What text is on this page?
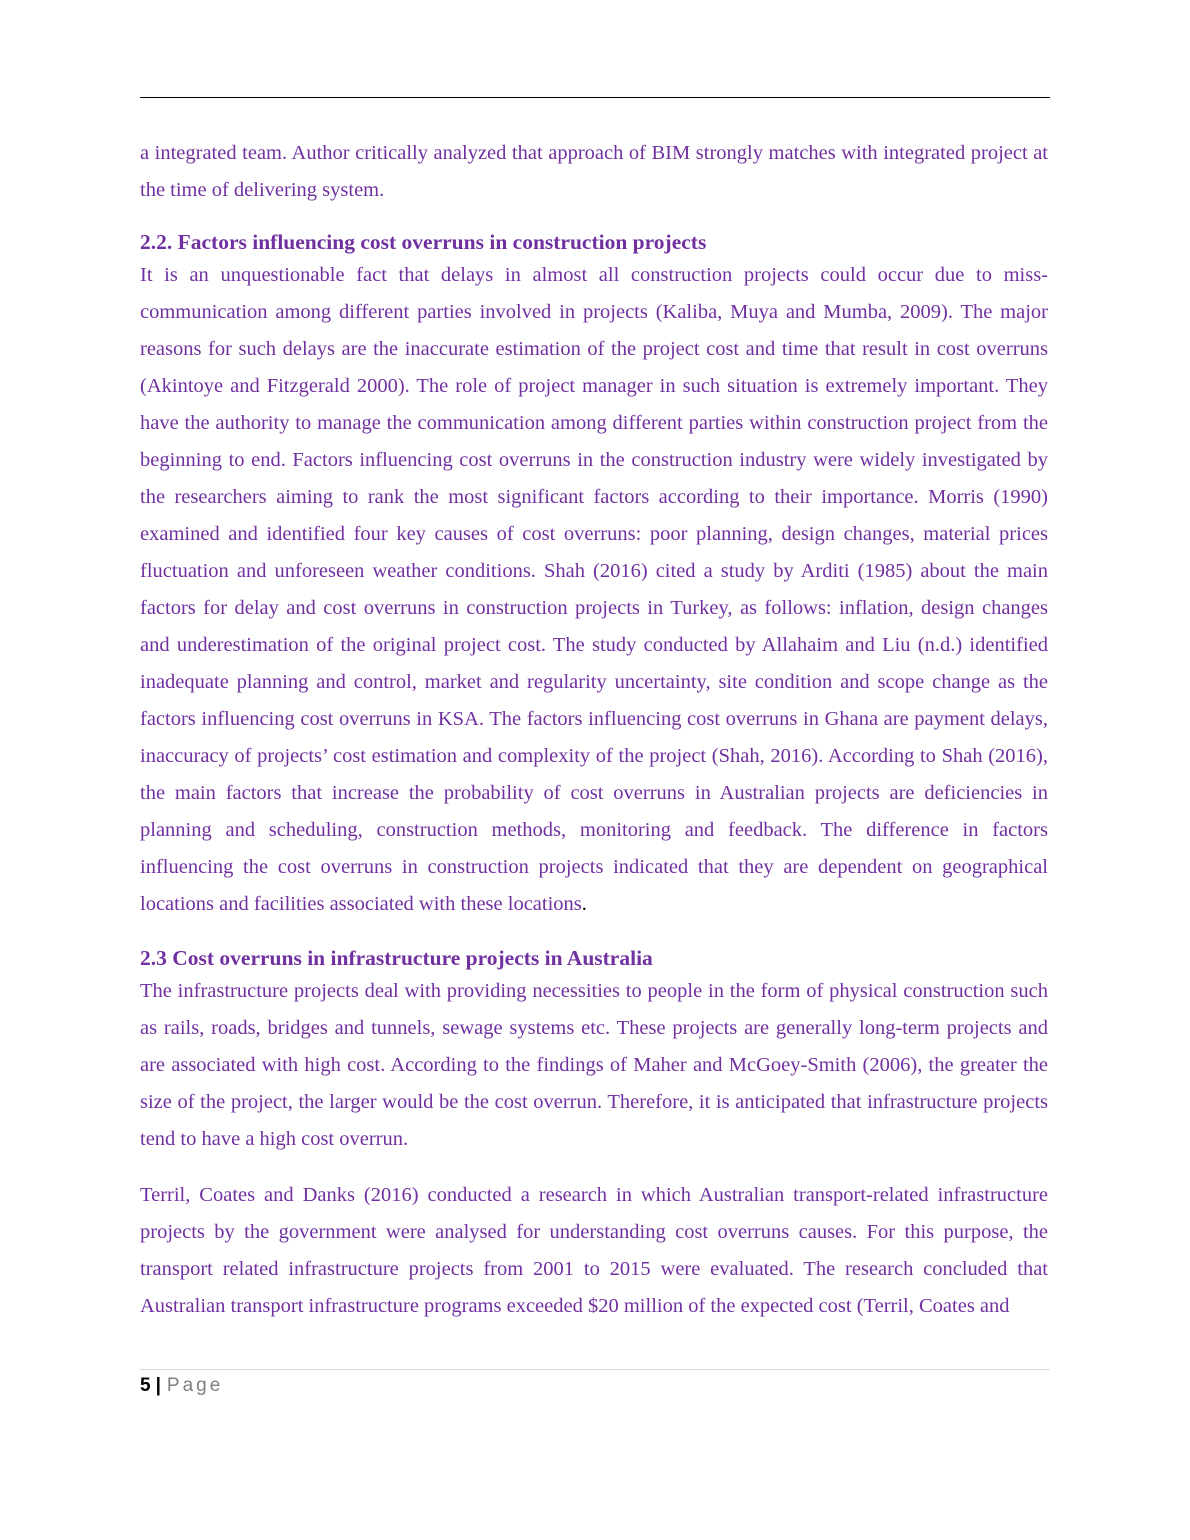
a integrated team. Author critically analyzed that approach of BIM strongly matches with integrated project at the time of delivering system.

2.2. Factors influencing cost overruns in construction projects

It is an unquestionable fact that delays in almost all construction projects could occur due to miss-communication among different parties involved in projects (Kaliba, Muya and Mumba, 2009). The major reasons for such delays are the inaccurate estimation of the project cost and time that result in cost overruns (Akintoye and Fitzgerald 2000). The role of project manager in such situation is extremely important. They have the authority to manage the communication among different parties within construction project from the beginning to end. Factors influencing cost overruns in the construction industry were widely investigated by the researchers aiming to rank the most significant factors according to their importance. Morris (1990) examined and identified four key causes of cost overruns: poor planning, design changes, material prices fluctuation and unforeseen weather conditions. Shah (2016) cited a study by Arditi (1985) about the main factors for delay and cost overruns in construction projects in Turkey, as follows: inflation, design changes and underestimation of the original project cost. The study conducted by Allahaim and Liu (n.d.) identified inadequate planning and control, market and regularity uncertainty, site condition and scope change as the factors influencing cost overruns in KSA. The factors influencing cost overruns in Ghana are payment delays, inaccuracy of projects’ cost estimation and complexity of the project (Shah, 2016). According to Shah (2016), the main factors that increase the probability of cost overruns in Australian projects are deficiencies in planning and scheduling, construction methods, monitoring and feedback. The difference in factors influencing the cost overruns in construction projects indicated that they are dependent on geographical locations and facilities associated with these locations.

2.3 Cost overruns in infrastructure projects in Australia

The infrastructure projects deal with providing necessities to people in the form of physical construction such as rails, roads, bridges and tunnels, sewage systems etc. These projects are generally long-term projects and are associated with high cost. According to the findings of Maher and McGoey-Smith (2006), the greater the size of the project, the larger would be the cost overrun. Therefore, it is anticipated that infrastructure projects tend to have a high cost overrun.

Terril, Coates and Danks (2016) conducted a research in which Australian transport-related infrastructure projects by the government were analysed for understanding cost overruns causes. For this purpose, the transport related infrastructure projects from 2001 to 2015 were evaluated. The research concluded that Australian transport infrastructure programs exceeded $20 million of the expected cost (Terril, Coates and

5 | Page
